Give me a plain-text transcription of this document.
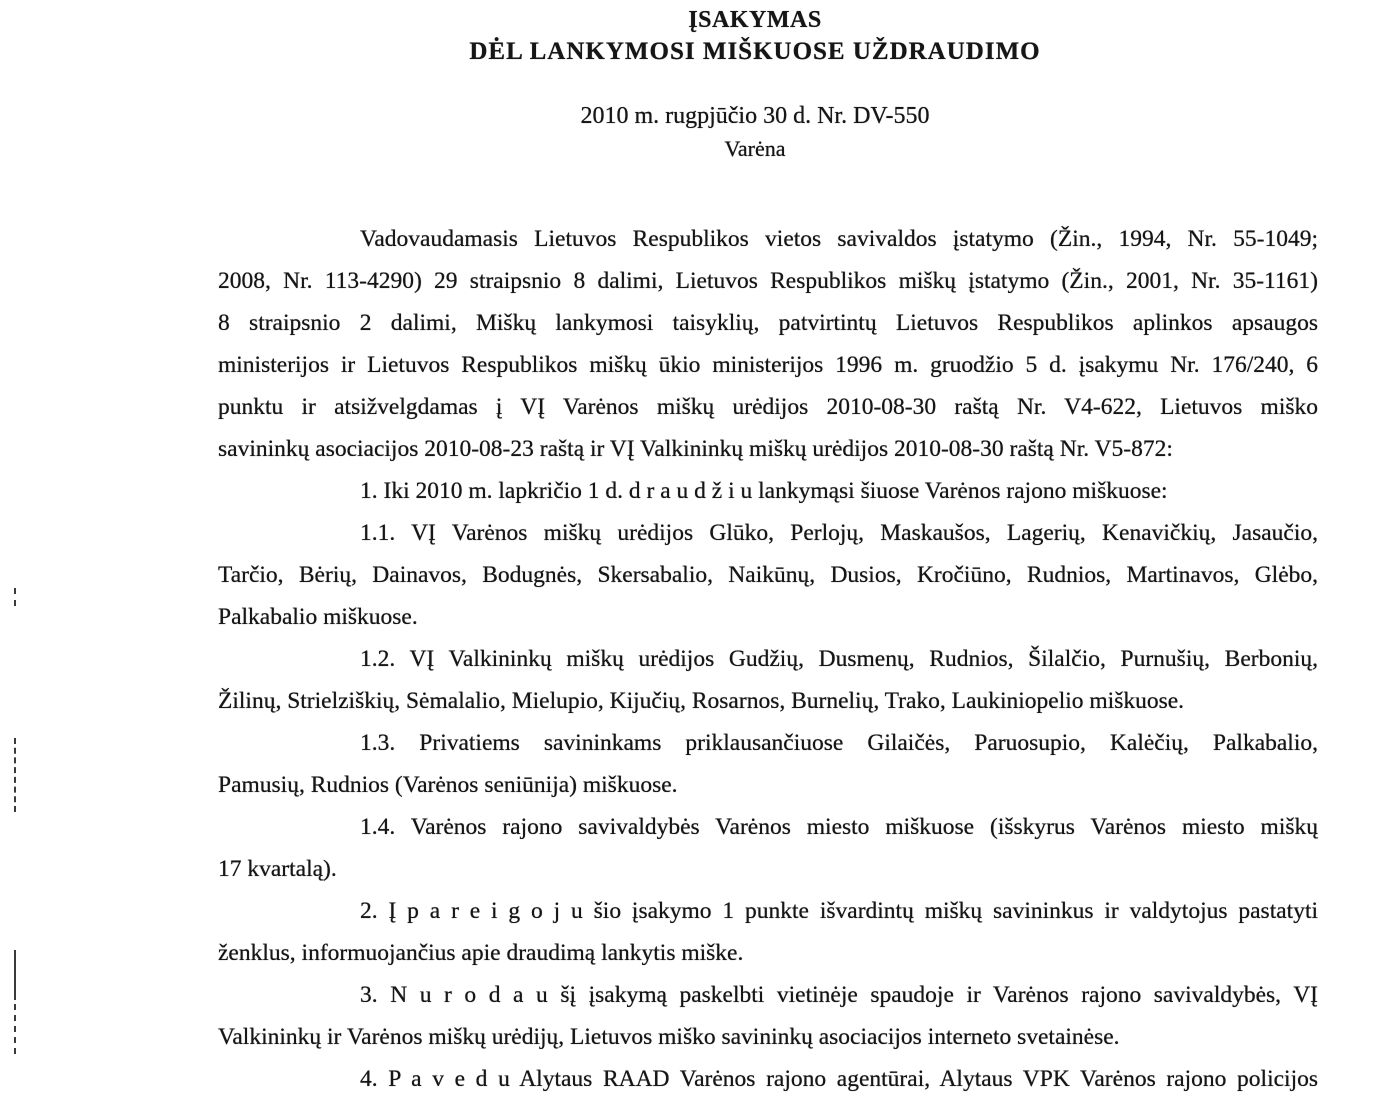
ĮSAKYMAS
DĖL LANKYMOSI MIŠKUOSE UŽDRAUDIMO
2010 m. rugpjūčio 30 d. Nr. DV-550
Varėna
Vadovaudamasis Lietuvos Respublikos vietos savivaldos įstatymo (Žin., 1994, Nr. 55-1049;
2008, Nr. 113-4290) 29 straipsnio 8 dalimi, Lietuvos Respublikos miškų įstatymo (Žin., 2001, Nr. 35-1161)
8 straipsnio 2 dalimi, Miškų lankymosi taisyklių, patvirtintų Lietuvos Respublikos aplinkos apsaugos
ministerijos ir Lietuvos Respublikos miškų ūkio ministerijos 1996 m. gruodžio 5 d. įsakymu Nr. 176/240, 6
punktu ir atsižvelgdamas į VĮ Varėnos miškų urėdijos 2010-08-30 raštą Nr. V4-622, Lietuvos miško
savininkų asociacijos 2010-08-23 raštą ir VĮ Valkininkų miškų urėdijos 2010-08-30 raštą Nr. V5-872:
1. Iki 2010 m. lapkričio 1 d. d r a u d ž i u lankymąsi šiuose Varėnos rajono miškuose:
1.1. VĮ Varėnos miškų urėdijos Glūko, Perlojų, Maskaušos, Lagerių, Kenavičkių, Jasaučio,
Tarčio, Bėrių, Dainavos, Bodugnės, Skersabalio, Naikūnų, Dusios, Kročiūno, Rudnios, Martinavos, Glėbo,
Palkabalio miškuose.
1.2. VĮ Valkininkų miškų urėdijos Gudžių, Dusmenų, Rudnios, Šilalčio, Purnušių, Berbonių,
Žilinų, Strielziškių, Sėmalalio, Mielupio, Kijučių, Rosarnos, Burnelių, Trako, Laukiniopelio miškuose.
1.3. Privatiems savininkams priklausančiuose Gilaičės, Paruosupio, Kalėčių, Palkabalio,
Pamusių, Rudnios (Varėnos seniūnija) miškuose.
1.4. Varėnos rajono savivaldybės Varėnos miesto miškuose (išskyrus Varėnos miesto miškų
17 kvartalą).
2. Į p a r e i g o j u šio įsakymo 1 punkte išvardintų miškų savininkus ir valdytojus pastatyti
ženklus, informuojančius apie draudimą lankytis miške.
3. N u r o d a u šį įsakymą paskelbti vietinėje spaudoje ir Varėnos rajono savivaldybės, VĮ
Valkininkų ir Varėnos miškų urėdijų, Lietuvos miško savininkų asociacijos interneto svetainėse.
4. P a v e d u Alytaus RAAD Varėnos rajono agentūrai, Alytaus VPK Varėnos rajono policijos
